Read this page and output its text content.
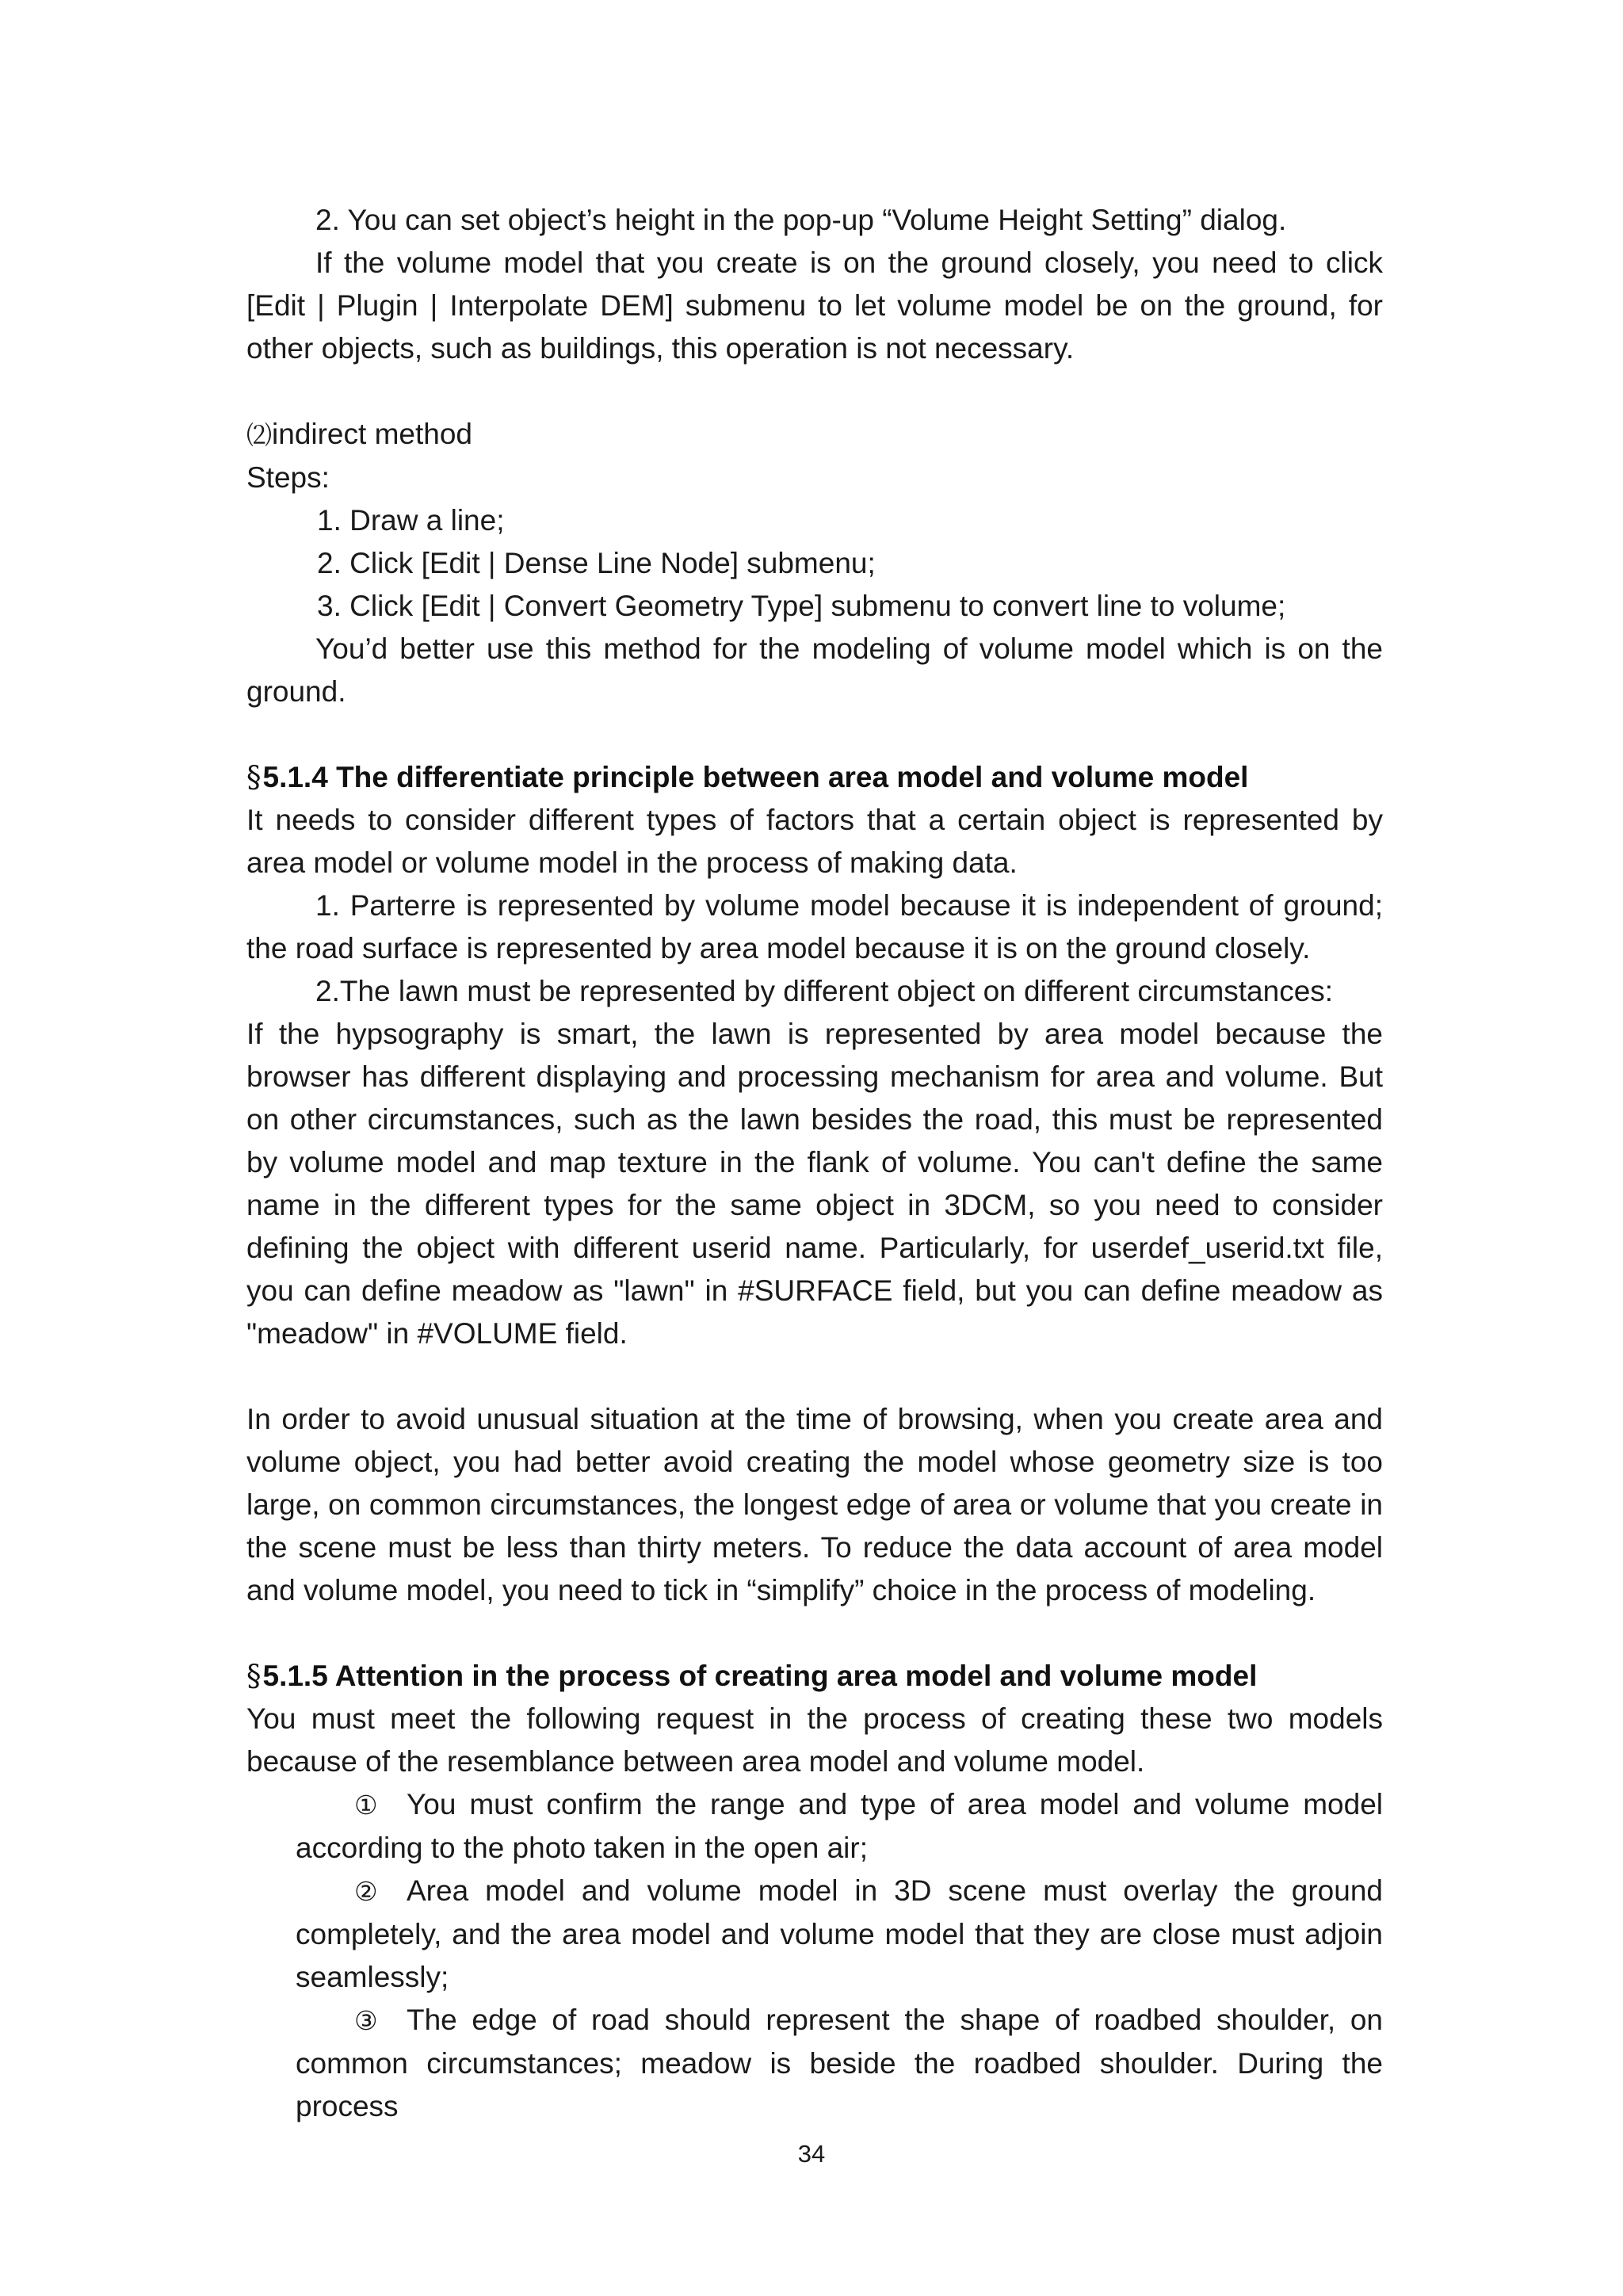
2. You can set object’s height in the pop-up “Volume Height Setting” dialog.

If the volume model that you create is on the ground closely, you need to click [Edit | Plugin | Interpolate DEM] submenu to let volume model be on the ground, for other objects, such as buildings, this operation is not necessary.

⑵indirect method

Steps:

1. Draw a line;

2. Click [Edit | Dense Line Node] submenu;

3. Click [Edit | Convert Geometry Type] submenu to convert line to volume;

You’d better use this method for the modeling of volume model which is on the ground.

§5.1.4 The differentiate principle between area model and volume model

It needs to consider different types of factors that a certain object is represented by area model or volume model in the process of making data.

1. Parterre is represented by volume model because it is independent of ground; the road surface is represented by area model because it is on the ground closely.

2.The lawn must be represented by different object on different circumstances:

If the hypsography is smart, the lawn is represented by area model because the browser has different displaying and processing mechanism for area and volume. But on other circumstances, such as the lawn besides the road, this must be represented by volume model and map texture in the flank of volume. You can't define the same name in the different types for the same object in 3DCM, so you need to consider defining the object with different userid name. Particularly, for userdef_userid.txt file, you can define meadow as "lawn" in #SURFACE field, but you can define meadow as "meadow" in #VOLUME field.

In order to avoid unusual situation at the time of browsing, when you create area and volume object, you had better avoid creating the model whose geometry size is too large, on common circumstances, the longest edge of area or volume that you create in the scene must be less than thirty meters. To reduce the data account of area model and volume model, you need to tick in “simplify” choice in the process of modeling.

§5.1.5 Attention in the process of creating area model and volume model

You must meet the following request in the process of creating these two models because of the resemblance between area model and volume model.

① You must confirm the range and type of area model and volume model according to the photo taken in the open air;

② Area model and volume model in 3D scene must overlay the ground completely, and the area model and volume model that they are close must adjoin seamlessly;

③ The edge of road should represent the shape of roadbed shoulder, on common circumstances; meadow is beside the roadbed shoulder. During the process

34
